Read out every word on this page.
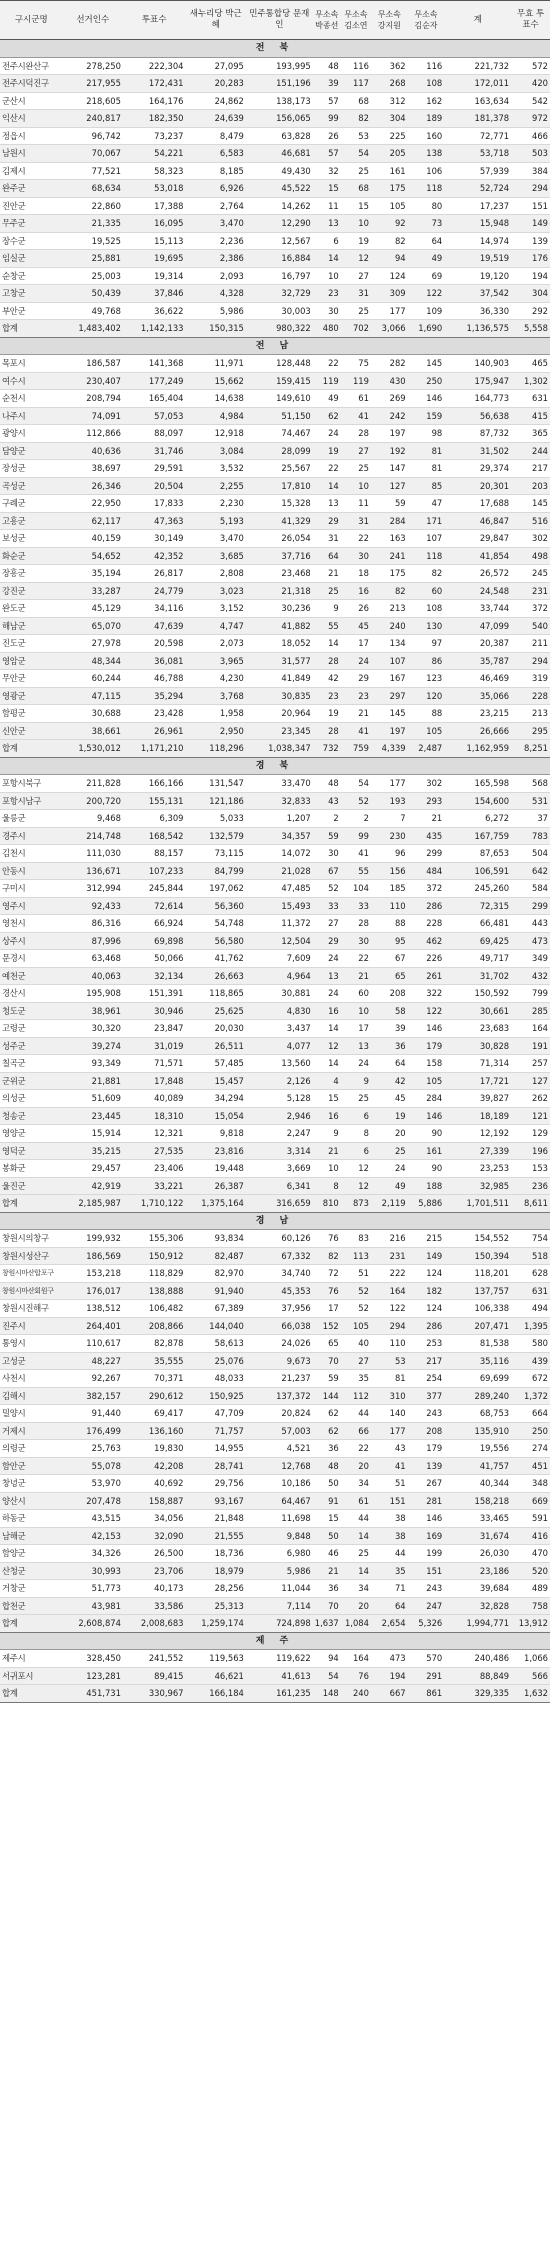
구시군명	선거인수	투표수	새누리당 박근혜	민주통합당 문재인	무소속 박종선	무소속 김소연	무소속 강지원	무소속 김순자	계	무효 투표수
전 북										
전주시완산구	278,250	222,304	27,095	193,995	48	116	362	116	221,732	572
전주시덕진구	217,955	172,431	20,283	151,196	39	117	268	108	172,011	420
군산시	218,605	164,176	24,862	138,173	57	68	312	162	163,634	542
익산시	240,817	182,350	24,639	156,065	99	82	304	189	181,378	972
정읍시	96,742	73,237	8,479	63,828	26	53	225	160	72,771	466
남원시	70,067	54,221	6,583	46,681	57	54	205	138	53,718	503
김제시	77,521	58,323	8,185	49,430	32	25	161	106	57,939	384
완주군	68,634	53,018	6,926	45,522	15	68	175	118	52,724	294
진안군	22,860	17,388	2,764	14,262	11	15	105	80	17,237	151
무주군	21,335	16,095	3,470	12,290	13	10	92	73	15,948	149
장수군	19,525	15,113	2,236	12,567	6	19	82	64	14,974	139
임실군	25,881	19,695	2,386	16,884	14	12	94	49	19,519	176
순창군	25,003	19,314	2,093	16,797	10	27	124	69	19,120	194
고창군	50,439	37,846	4,328	32,729	23	31	309	122	37,542	304
부안군	49,768	36,622	5,986	30,003	30	25	177	109	36,330	292
합계	1,483,402	1,142,133	150,315	980,322	480	702	3,066	1,690	1,136,575	5,558
전 남										
목포시	186,587	141,368	11,971	128,448	22	75	282	145	140,903	465
여수시	230,407	177,249	15,662	159,415	119	119	430	250	175,947	1,302
순천시	208,794	165,404	14,638	149,610	49	61	269	146	164,773	631
나주시	74,091	57,053	4,984	51,150	62	41	242	159	56,638	415
광양시	112,866	88,097	12,918	74,467	24	28	197	98	87,732	365
담양군	40,636	31,746	3,084	28,099	19	27	192	81	31,502	244
장성군	38,697	29,591	3,532	25,567	22	25	147	81	29,374	217
곡성군	26,346	20,504	2,255	17,810	14	10	127	85	20,301	203
구례군	22,950	17,833	2,230	15,328	13	11	59	47	17,688	145
고흥군	62,117	47,363	5,193	41,329	29	31	284	171	46,847	516
보성군	40,159	30,149	3,470	26,054	31	22	163	107	29,847	302
화순군	54,652	42,352	3,685	37,716	64	30	241	118	41,854	498
장흥군	35,194	26,817	2,808	23,468	21	18	175	82	26,572	245
강진군	33,287	24,779	3,023	21,318	25	16	82	60	24,548	231
완도군	45,129	34,116	3,152	30,236	9	26	213	108	33,744	372
해남군	65,070	47,639	4,747	41,882	55	45	240	130	47,099	540
진도군	27,978	20,598	2,073	18,052	14	17	134	97	20,387	211
영암군	48,344	36,081	3,965	31,577	28	24	107	86	35,787	294
무안군	60,244	46,788	4,230	41,849	42	29	167	123	46,469	319
영광군	47,115	35,294	3,768	30,835	23	23	297	120	35,066	228
함평군	30,688	23,428	1,958	20,964	19	21	145	88	23,215	213
신안군	38,661	26,961	2,950	23,345	28	41	197	105	26,666	295
합계	1,530,012	1,171,210	118,296	1,038,347	732	759	4,339	2,487	1,162,959	8,251
경 북										
포항시북구	211,828	166,166	131,547	33,470	48	54	177	302	165,598	568
포항시남구	200,720	155,131	121,186	32,833	43	52	193	293	154,600	531
울릉군	9,468	6,309	5,033	1,207	2	2	7	21	6,272	37
경주시	214,748	168,542	132,579	34,357	59	99	230	435	167,759	783
김천시	111,030	88,157	73,115	14,072	30	41	96	299	87,653	504
안동시	136,671	107,233	84,799	21,028	67	55	156	484	106,591	642
구미시	312,994	245,844	197,062	47,485	52	104	185	372	245,260	584
영주시	92,433	72,614	56,360	15,493	33	33	110	286	72,315	299
영천시	86,316	66,924	54,748	11,372	27	28	88	228	66,481	443
상주시	87,996	69,898	56,580	12,504	29	30	95	462	69,425	473
문경시	63,468	50,066	41,762	7,609	24	22	67	226	49,717	349
예천군	40,063	32,134	26,663	4,964	13	21	65	261	31,702	432
경산시	195,908	151,391	118,865	30,881	24	60	208	322	150,592	799
청도군	38,961	30,946	25,625	4,830	16	10	58	122	30,661	285
고령군	30,320	23,847	20,030	3,437	14	17	39	146	23,683	164
성주군	39,274	31,019	26,511	4,077	12	13	36	179	30,828	191
칠곡군	93,349	71,571	57,485	13,560	14	24	64	158	71,314	257
군위군	21,881	17,848	15,457	2,126	4	9	42	105	17,721	127
의성군	51,609	40,089	34,294	5,128	15	25	45	284	39,827	262
청송군	23,445	18,310	15,054	2,946	16	6	19	146	18,189	121
영양군	15,914	12,321	9,818	2,247	9	8	20	90	12,192	129
영덕군	35,215	27,535	23,816	3,314	21	6	25	161	27,339	196
봉화군	29,457	23,406	19,448	3,669	10	12	24	90	23,253	153
울진군	42,919	33,221	26,387	6,341	8	12	49	188	32,985	236
합계	2,185,987	1,710,122	1,375,164	316,659	810	873	2,119	5,886	1,701,511	8,611
경 남										
창원시의창구	199,932	155,306	93,834	60,126	76	83	216	215	154,552	754
창원시성산구	186,569	150,912	82,487	67,332	82	113	231	149	150,394	518
창원시마산합포구	153,218	118,829	82,970	34,740	72	51	222	124	118,201	628
창원시마산회원구	176,017	138,888	91,940	45,353	76	52	164	182	137,757	631
창원시진해구	138,512	106,482	67,389	37,956	17	52	122	124	106,338	494
진주시	264,401	208,866	144,040	66,038	152	105	294	286	207,471	1,395
통영시	110,617	82,878	58,613	24,026	65	40	110	253	81,538	580
고성군	48,227	35,555	25,076	9,673	70	27	53	217	35,116	439
사천시	92,267	70,371	48,033	21,237	59	35	81	254	69,699	672
김해시	382,157	290,612	150,925	137,372	144	112	310	377	289,240	1,372
밀양시	91,440	69,417	47,709	20,824	62	44	140	243	68,753	664
거제시	176,499	136,160	71,757	57,003	62	66	177	208	135,910	250
의령군	25,763	19,830	14,955	4,521	36	22	43	179	19,556	274
함안군	55,078	42,208	28,741	12,768	48	20	41	139	41,757	451
창녕군	53,970	40,692	29,756	10,186	50	34	51	267	40,344	348
양산시	207,478	158,887	93,167	64,467	91	61	151	281	158,218	669
하동군	43,515	34,056	21,848	11,698	15	44	38	146	33,465	591
남해군	42,153	32,090	21,555	9,848	50	14	38	169	31,674	416
함양군	34,326	26,500	18,736	6,980	46	25	44	199	26,030	470
산청군	30,993	23,706	18,979	5,986	21	14	35	151	23,186	520
거창군	51,773	40,173	28,256	11,044	36	34	71	243	39,684	489
합천군	43,981	33,586	25,313	7,114	70	20	64	247	32,828	758
합계	2,608,874	2,008,683	1,259,174	724,898	1,637	1,084	2,654	5,326	1,994,771	13,912
제 주										
제주시	328,450	241,552	119,563	119,622	94	164	473	570	240,486	1,066
서귀포시	123,281	89,415	46,621	41,613	54	76	194	291	88,849	566
합계	451,731	330,967	166,184	161,235	148	240	667	861	329,335	1,632
